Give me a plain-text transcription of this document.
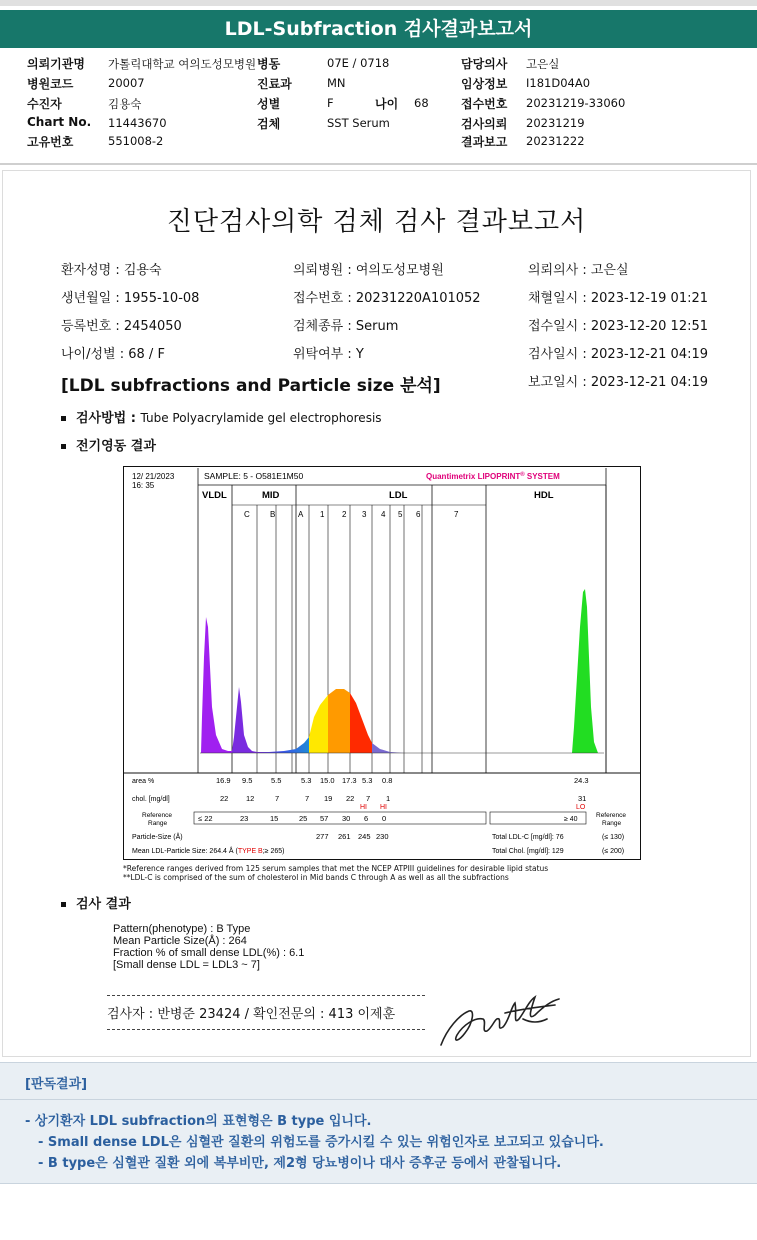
LDL-Subfraction 검사결과보고서
의뢰기관명 가톨릭대학교 여의도성모병원 병동	07E / 0718	담당의사 고은실
병원코드	20007	진료과	MN	임상정보 I181D04A0
수진자	김용숙	성별	F	나이 68	접수번호 20231219-33060
Chart No. 11443670	검체	SST Serum	검사의뢰 20231219
고유번호	551008-2	결과보고 20231222
진단검사의학 검체 검사 결과보고서
환자성명 : 김용숙	의뢰병원 : 여의도성모병원	의뢰의사 : 고은실
생년월일 : 1955-10-08	접수번호 : 20231220A101052	채혈일시 : 2023-12-19 01:21
등록번호 : 2454050	검체종류 : Serum	접수일시 : 2023-12-20 12:51
나이/성별 : 68 / F	위탁여부 : Y	검사일시 : 2023-12-21 04:19
보고일시 : 2023-12-21 04:19
[LDL subfractions and Particle size 분석]
검사방법 : Tube Polyacrylamide gel electrophoresis
전기영동 결과
12/ 21/2023
16: 35
SAMPLE: 5 - O581E1M50	Quantimetrix LIPOPRINT® SYSTEM
VLDL	MID	LDL	HDL
C	B	A 1 2 3 4 5 6	7
area %	16.9 9.5 5.5	5.3 15.0 17.3 5.3 0.8	24.3
chol. [mg/dl]	22 12	7	7 19 22 7 1	31
HI HI	LO
Reference
Range
≤ 22	23	15	25 57 30 6 0	≥ 40
Reference
Range
Particle-Size (Å)	277 261 245 230	Total LDL-C [mg/dl]: 76	(≤ 130)
Mean LDL-Particle Size: 264.4 Å (TYPE B;≥ 265)	Total Chol. [mg/dl]: 129	(≤ 200)
*Reference ranges derived from 125 serum samples that met the NCEP ATPIII guidelines for desirable lipid status
**LDL-C is comprised of the sum of cholesterol in Mid bands C through A as well as all the subfractions
검사 결과
Pattern(phenotype) : B Type
Mean Particle Size(Å) : 264
Fraction % of small dense LDL(%) : 6.1
[Small dense LDL = LDL3 ~ 7]
검사자 : 반병준 23424 / 확인전문의 : 413 이제훈
[판독결과]
- 상기환자 LDL subfraction의 표현형은 B type 입니다.
- Small dense LDL은 심혈관 질환의 위험도를 증가시킬 수 있는 위험인자로 보고되고 있습니다.
- B type은 심혈관 질환 외에 복부비만, 제2형 당뇨병이나 대사 증후군 등에서 관찰됩니다.
